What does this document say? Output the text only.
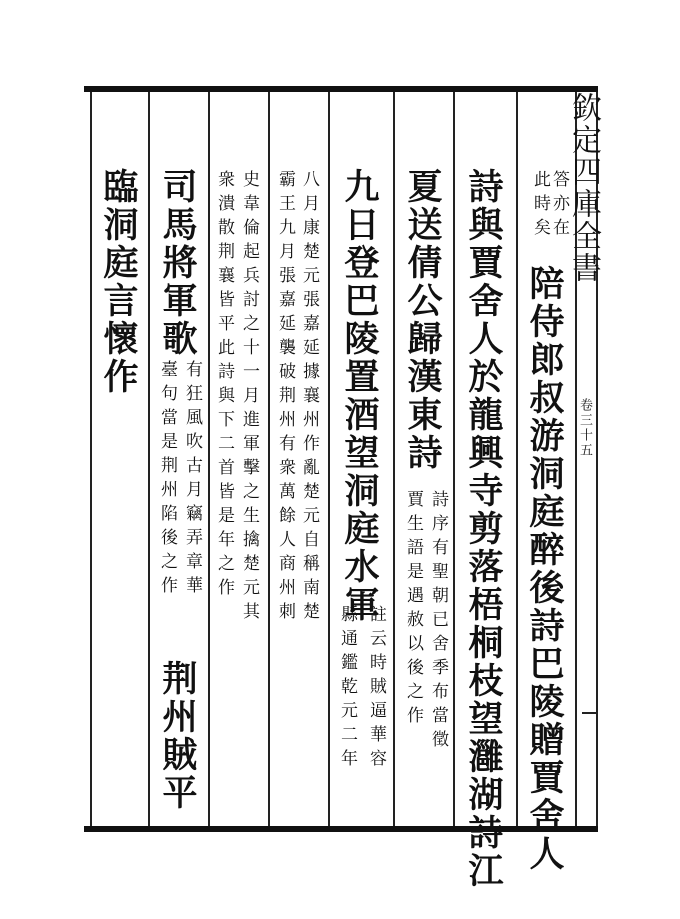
欽定四庫全書
卷三十五
答亦在
此時矣
陪侍郎叔游洞庭醉後詩巴陵贈賈舍人
詩與賈舍人於龍興寺剪落梧桐枝望灉湖詩江
夏送倩公歸漢東詩
詩序有聖朝已舍季布當徵
賈生語是遇赦以後之作
九日登巴陵置酒望洞庭水軍
註云時賊逼華容
縣通鑑乾元二年
八月康楚元張嘉延據襄州作亂楚元自稱南楚
霸王九月張嘉延襲破荆州有衆萬餘人商州刺
史韋倫起兵討之十一月進軍擊之生擒楚元其
衆潰散荆襄皆平此詩與下二首皆是年之作
司馬將軍歌
有狂風吹古月竊弄章華
臺句當是荆州陷後之作
荆州賊平
臨洞庭言懷作
